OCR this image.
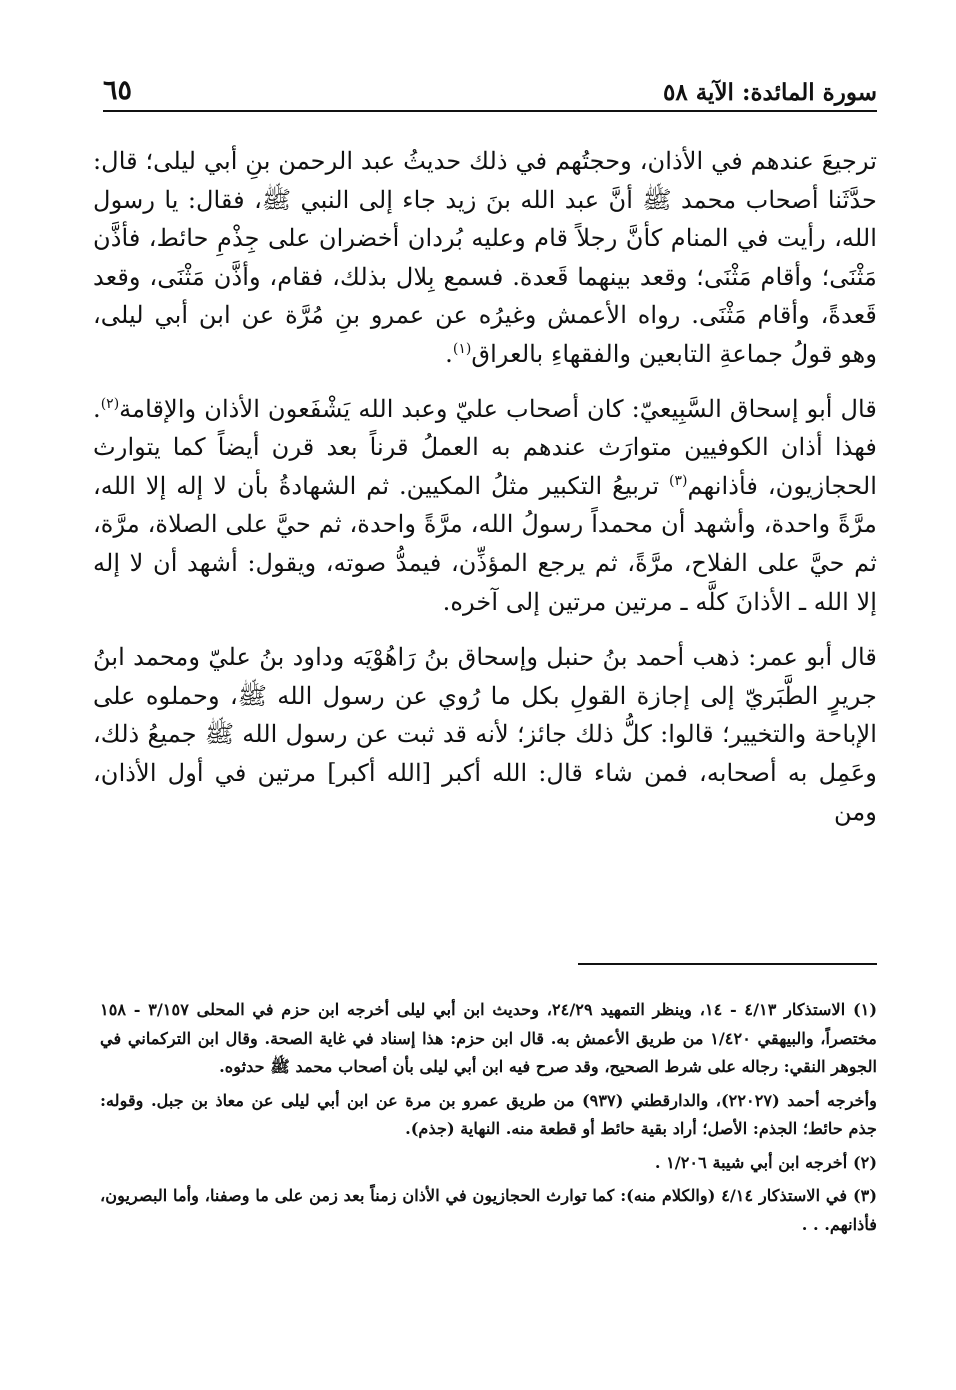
سورة المائدة: الآية ٥٨
٦٥

ترجيعَ عندهم في الأذان، وحجتُهم في ذلك حديثُ عبد الرحمن بنِ أبي ليلى؛ قال: حدَّثَنا أصحاب محمد ﷺ أنَّ عبد الله بنَ زيد جاء إلى النبي ﷺ، فقال: يا رسول الله، رأيت في المنام كأنَّ رجلاً قام وعليه بُردان أخضران على جِذْمِ حائط، فأذَّن مَثْنَى؛ وأقام مَثْنَى؛ وقعد بينهما قَعدة. فسمع بِلال بذلك، فقام، وأذَّن مَثْنَى، وقعد قَعدةً، وأقام مَثْنَى. رواه الأعمش وغيرُه عن عمرو بنِ مُرَّة عن ابن أبي ليلى، وهو قولُ جماعةِ التابعين والفقهاءِ بالعراق$^{(١)}$.

قال أبو إسحاق السَّبِيعيّ: كان أصحاب عليّ وعبد الله يَشْفَعون الأذان والإقامة$^{(٢)}$. فهذا أذان الكوفيين متوارَث عندهم به العملُ قرناً بعد قرن أيضاً كما يتوارث الحجازيون، فأذانهم$^{(٣)}$ تربيعُ التكبير مثلُ المكيين. ثم الشهادةُ بأن لا إله إلا الله، مرَّةً واحدة، وأشهد أن محمداً رسولُ الله، مرَّةً واحدة، ثم حيَّ على الصلاة، مرَّة، ثم حيَّ على الفلاح، مرَّةً، ثم يرجع المؤذِّن، فيمدُّ صوته، ويقول: أشهد أن لا إله إلا الله ـ الأذانَ كلَّه ـ مرتين مرتين إلى آخره.

قال أبو عمر: ذهب أحمد بنُ حنبل وإسحاق بنُ رَاهُوْيَه وداود بنُ عليّ ومحمد ابنُ جريرٍ الطَّبَريّ إلى إجازة القولِ بكل ما رُوي عن رسول الله ﷺ، وحملوه على الإباحة والتخيير؛ قالوا: كلُّ ذلك جائز؛ لأنه قد ثبت عن رسول الله ﷺ جميعُ ذلك، وعَمِل به أصحابه، فمن شاء قال: الله أكبر [الله أكبر] مرتين في أول الأذان، ومن

(١) الاستذكار ٤/١٣ - ١٤، وينظر التمهيد ٢٤/٢٩، وحديث ابن أبي ليلى أخرجه ابن حزم في المحلى ٣/١٥٧ - ١٥٨ مختصراً، والبيهقي ١/٤٢٠ من طريق الأعمش به. قال ابن حزم: هذا إسناد في غاية الصحة. وقال ابن التركماني في الجوهر النقي: رجاله على شرط الصحيح، وقد صرح فيه ابن أبي ليلى بأن أصحاب محمد ﷺ حدثوه.

وأخرجه أحمد (٢٢٠٢٧)، والدارقطني (٩٣٧) من طريق عمرو بن مرة عن ابن أبي ليلى عن معاذ بن جبل. وقوله: جذم حائط؛ الجذم: الأصل؛ أراد بقية حائط أو قطعة منه. النهاية (جذم).

(٢) أخرجه ابن أبي شيبة ١/٢٠٦ .

(٣) في الاستذكار ٤/١٤ (والكلام منه): كما توارث الحجازيون في الأذان زمناً بعد زمن على ما وصفنا، وأما البصريون، فأذانهم. . .
